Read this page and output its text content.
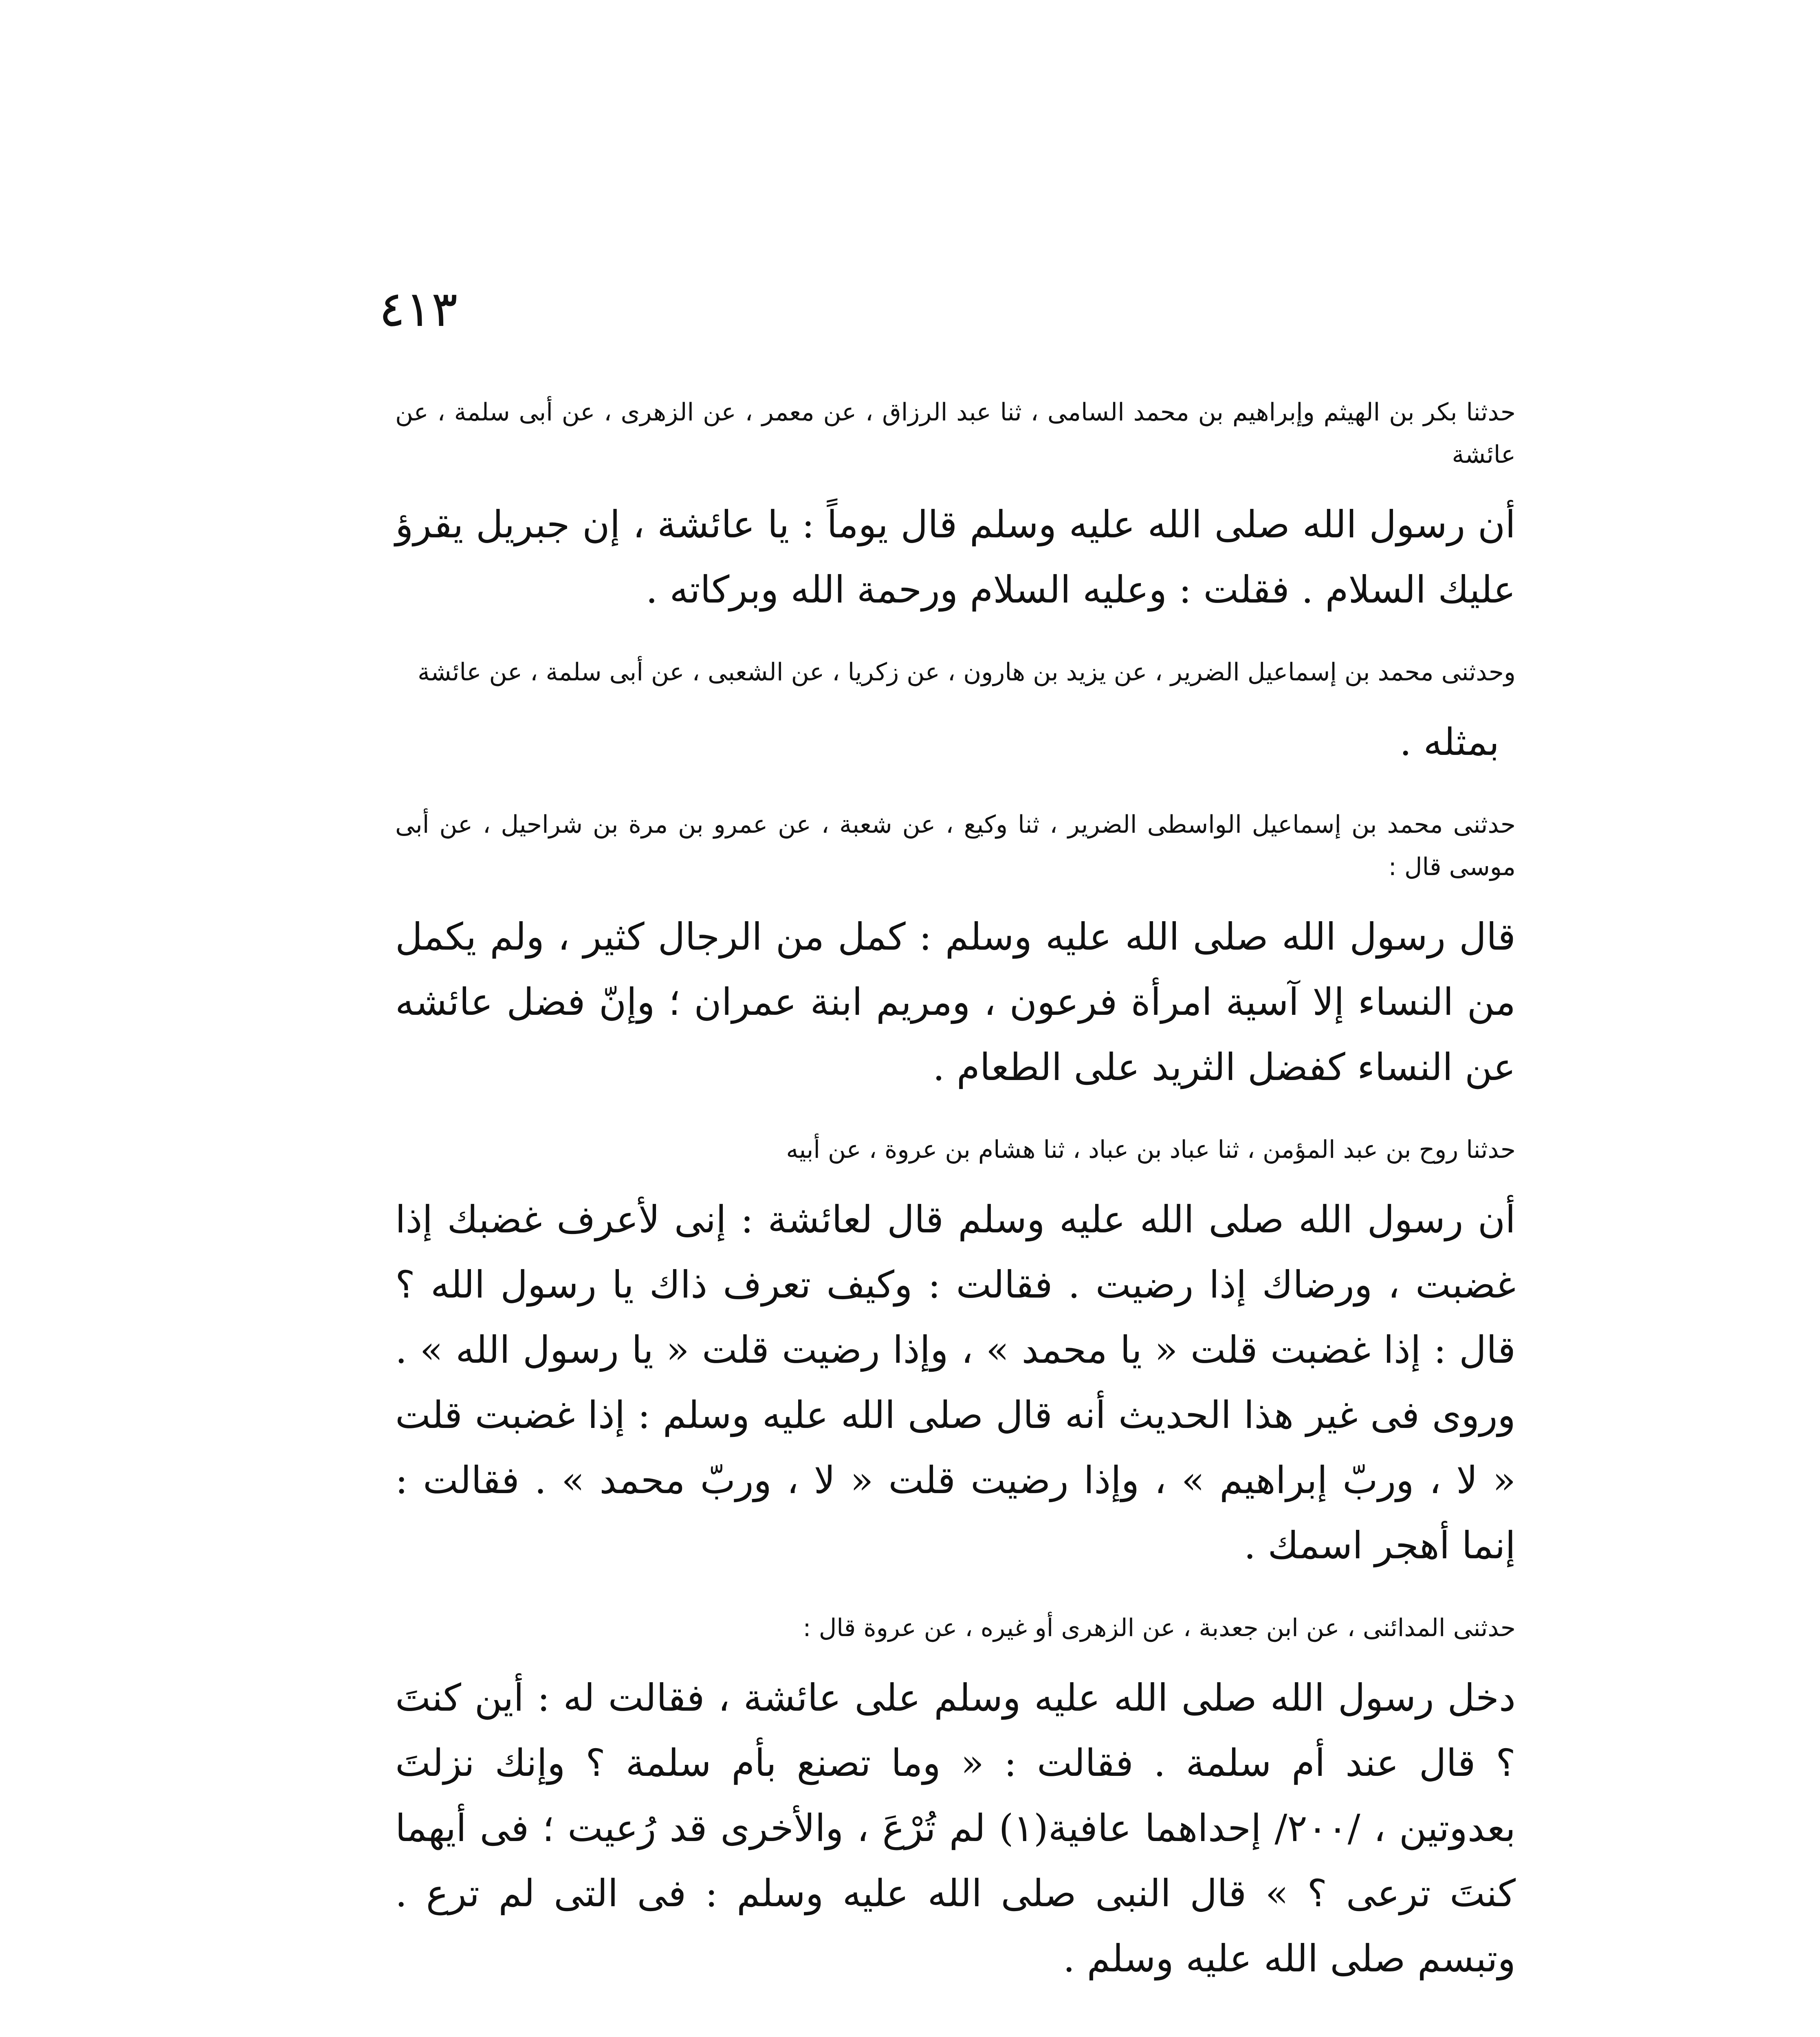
٤١٣

حدثنا بكر بن الهيثم وإبراهيم بن محمد السامى ، ثنا عبد الرزاق ، عن معمر ، عن الزهرى ، عن أبى سلمة ، عن عائشة

أن رسول الله صلى الله عليه وسلم قال يوماً : يا عائشة ، إن جبريل يقرؤ عليك السلام . فقلت : وعليه السلام ورحمة الله وبركاته .

وحدثنى محمد بن إسماعيل الضرير ، عن يزيد بن هارون ، عن زكريا ، عن الشعبى ، عن أبى سلمة ، عن عائشة

بمثله .

حدثنى محمد بن إسماعيل الواسطى الضرير ، ثنا وكيع ، عن شعبة ، عن عمرو بن مرة بن شراحيل ، عن أبى موسى قال :

قال رسول الله صلى الله عليه وسلم : كمل من الرجال كثير ، ولم يكمل من النساء إلا آسية امرأة فرعون ، ومريم ابنة عمران ؛ وإنّ فضل عائشه عن النساء كفضل الثريد على الطعام .

حدثنا روح بن عبد المؤمن ، ثنا عباد بن عباد ، ثنا هشام بن عروة ، عن أبيه

أن رسول الله صلى الله عليه وسلم قال لعائشة : إنى لأعرف غضبك إذا غضبت ، ورضاك إذا رضيت . فقالت : وكيف تعرف ذاك يا رسول الله ؟ قال : إذا غضبت قلت « يا محمد » ، وإذا رضيت قلت « يا رسول الله » . وروى فى غير هذا الحديث أنه قال صلى الله عليه وسلم : إذا غضبت قلت « لا ، وربّ إبراهيم » ، وإذا رضيت قلت « لا ، وربّ محمد » . فقالت : إنما أهجر اسمك .

حدثنى المدائنى ، عن ابن جعدبة ، عن الزهرى أو غيره ، عن عروة قال :

دخل رسول الله صلى الله عليه وسلم على عائشة ، فقالت له : أين كنتَ ؟ قال عند أم سلمة . فقالت : « وما تصنع بأم سلمة ؟ وإنك نزلتَ بعدوتين ، /٢٠٠/ إحداهما عافية(١) لم تُرْعَ ، والأخرى قد رُعيت ؛ فى أيهما كنتَ ترعى ؟ » قال النبى صلى الله عليه وسلم : فى التى لم ترع . وتبسم صلى الله عليه وسلم .
